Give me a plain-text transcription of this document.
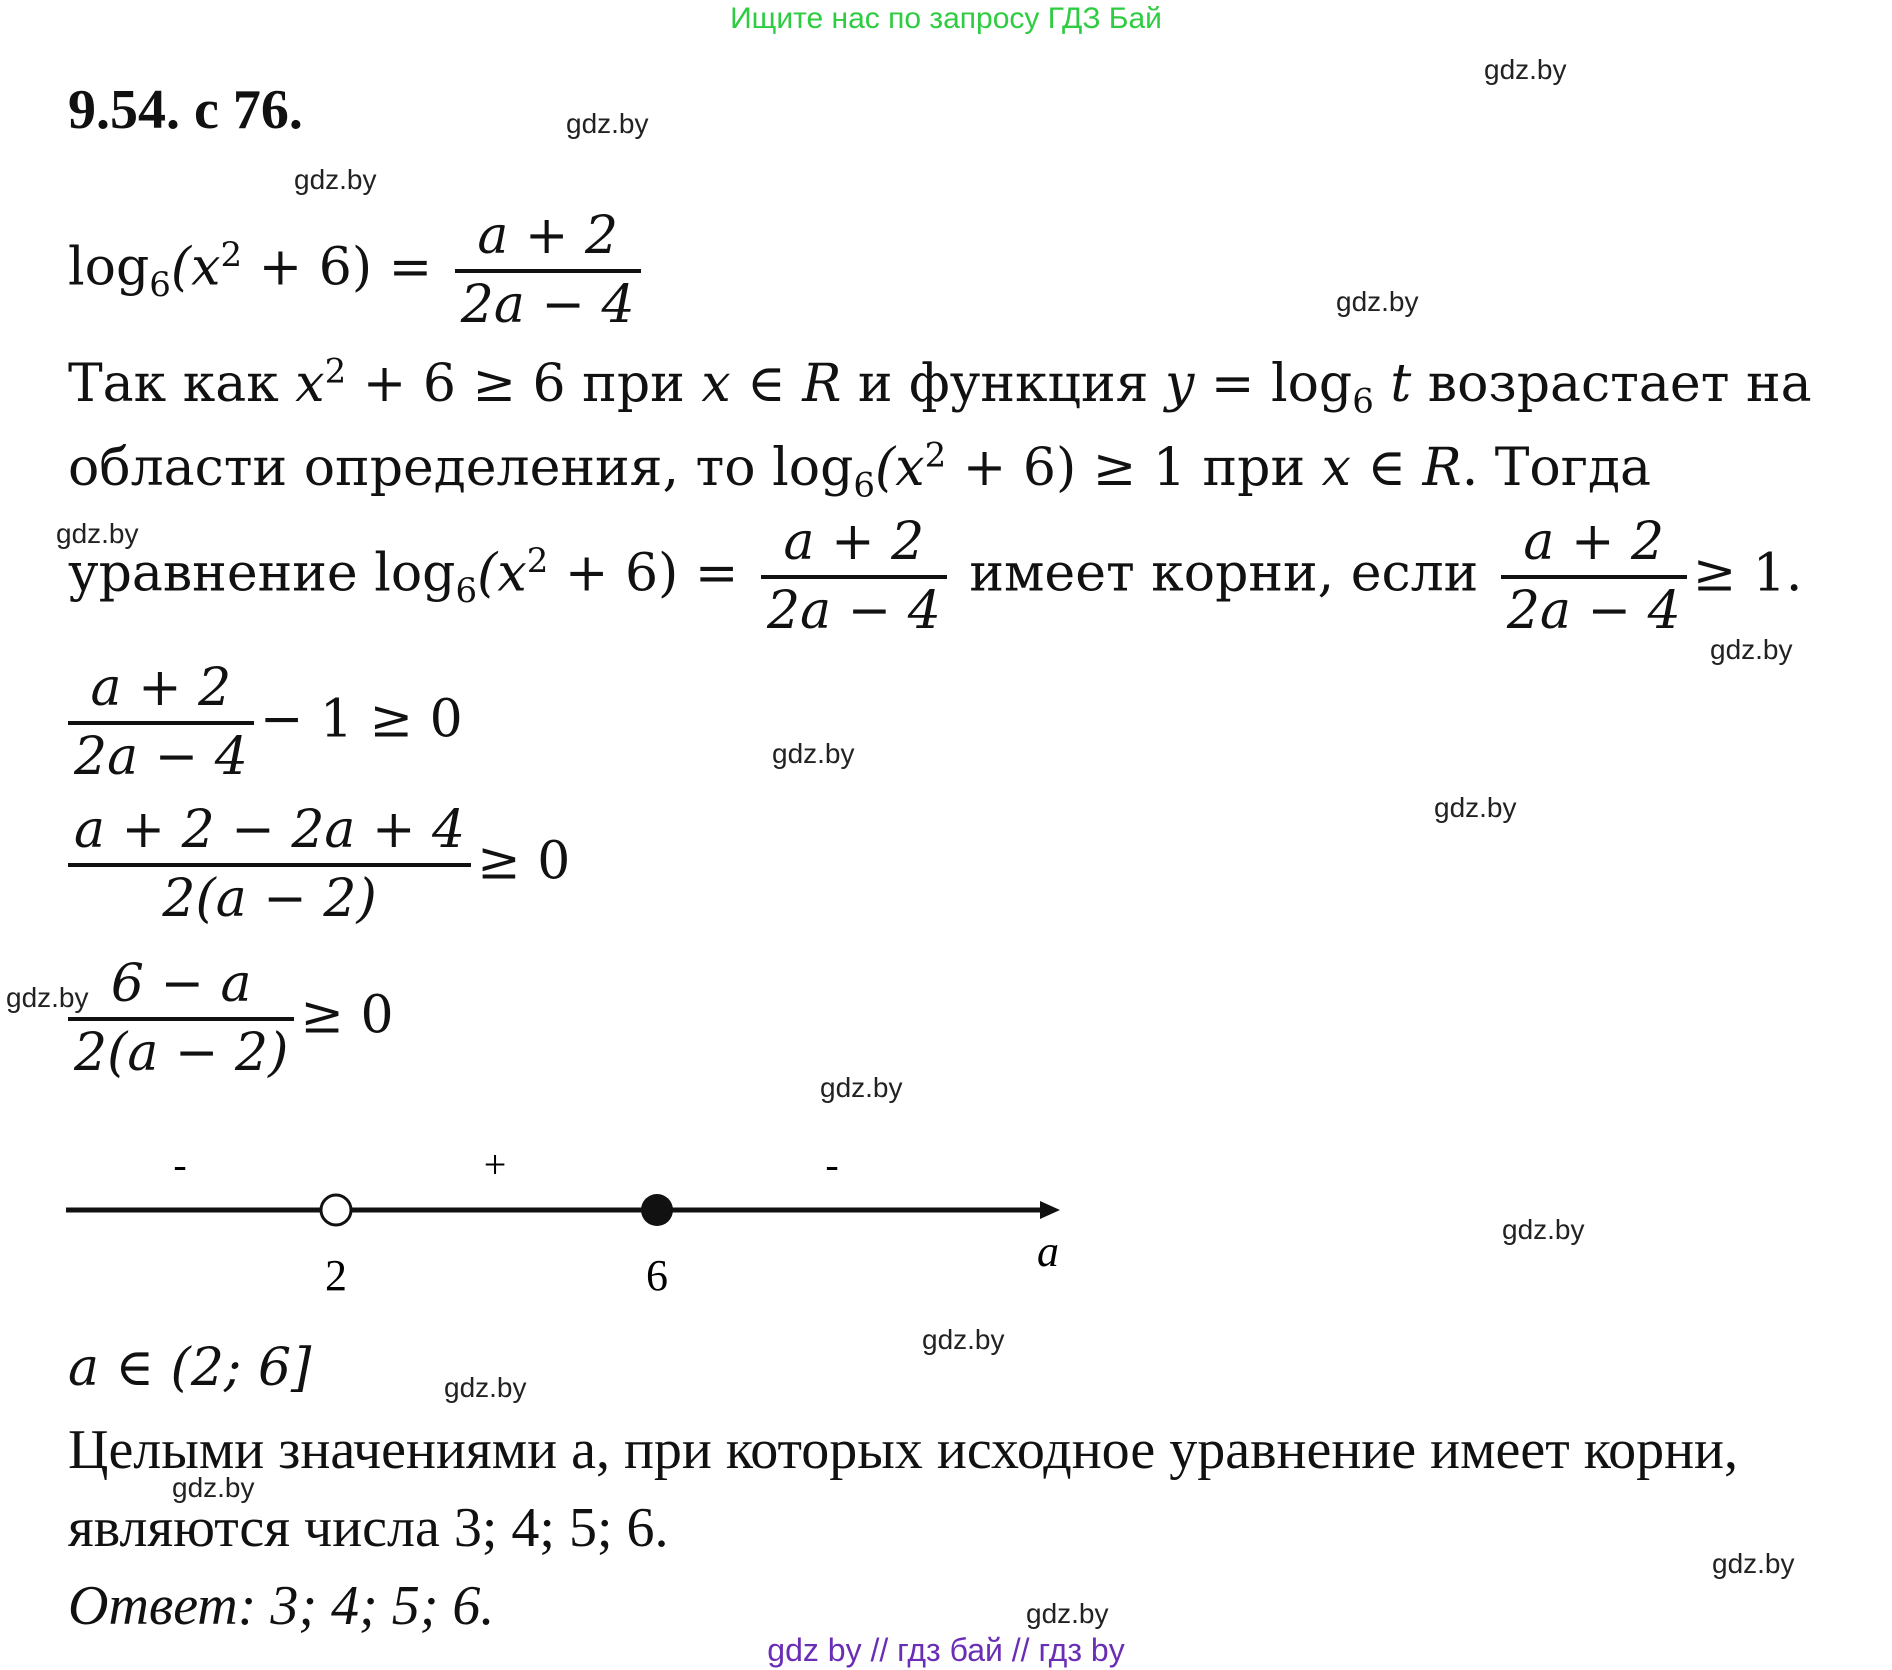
Ищите нас по запросу ГДЗ Бай
9.54. с 76.
gdz.by
gdz.by
gdz.by
gdz.by
gdz.by
gdz.by
gdz.by
gdz.by
gdz.by
gdz.by
gdz.by
gdz.by
gdz.by
gdz.by
gdz.by
gdz.by
$\log_6(x^2 + 6) = \frac{a + 2}{2a - 4}$
Так как $x^2 + 6 \ge 6$ при x ∈ R и функция $y = \log_6 t$ возрастает на
области определения, то $\log_6(x^2 + 6) \ge 1$ при x ∈ R. Тогда
уравнение $\log_6(x^2 + 6) = \frac{a + 2}{2a - 4}$ имеет корни, если $\frac{a + 2}{2a - 4} \ge 1$.
$\frac{a + 2}{2a - 4} - 1 \ge 0$
$\frac{a + 2 - 2a + 4}{2(a - 2)} \ge 0$
$\frac{6 - a}{2(a - 2)} \ge 0$
-	+	-
2	6	a
a ∈ (2; 6]
Целыми значениями a, при которых исходное уравнение имеет корни,
являются числа 3; 4; 5; 6.
Ответ: 3; 4; 5; 6.
gdz by // гдз бай // гдз by
